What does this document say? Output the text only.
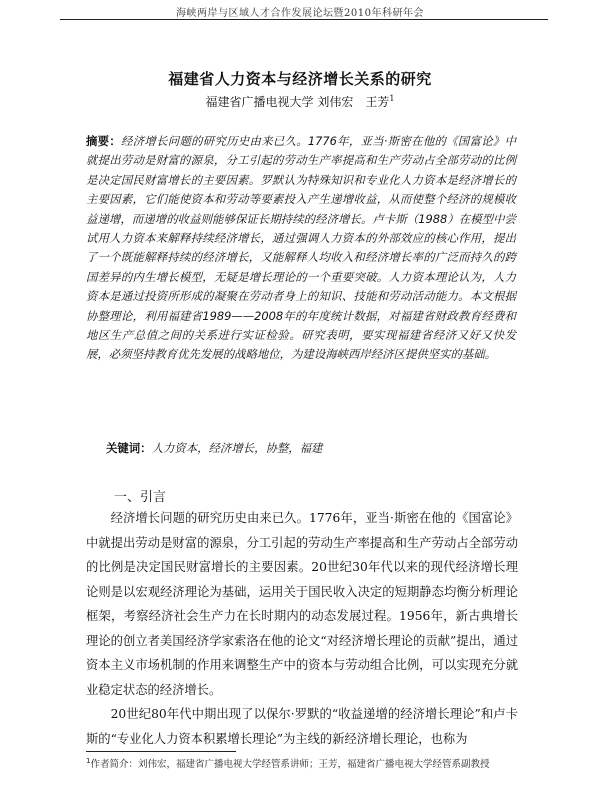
海峡两岸与区域人才合作发展论坛暨2010年科研年会
福建省人力资本与经济增长关系的研究
福建省广播电视大学 刘伟宏　王芳$^1$
摘要：经济增长问题的研究历史由来已久。1776年，亚当·斯密在他的《国富论》中就提出劳动是财富的源泉，分工引起的劳动生产率提高和生产劳动占全部劳动的比例是决定国民财富增长的主要因素。罗默认为特殊知识和专业化人力资本是经济增长的主要因素，它们能使资本和劳动等要素投入产生递增收益，从而使整个经济的规模收益递增，而递增的收益则能够保证长期持续的经济增长。卢卡斯（1988）在模型中尝试用人力资本来解释持续经济增长，通过强调人力资本的外部效应的核心作用，提出了一个既能解释持续的经济增长，又能解释人均收入和经济增长率的广泛而持久的跨国差异的内生增长模型，无疑是增长理论的一个重要突破。人力资本理论认为，人力资本是通过投资所形成的凝聚在劳动者身上的知识、技能和劳动活动能力。本文根据协整理论，利用福建省1989——2008年的年度统计数据，对福建省财政教育经费和地区生产总值之间的关系进行实证检验。研究表明，要实现福建省经济又好又快发展，必须坚持教育优先发展的战略地位，为建设海峡西岸经济区提供坚实的基础。
关键词：人力资本，经济增长，协整，福建
一、引言

经济增长问题的研究历史由来已久。1776年，亚当·斯密在他的《国富论》中就提出劳动是财富的源泉，分工引起的劳动生产率提高和生产劳动占全部劳动的比例是决定国民财富增长的主要因素。20世纪30年代以来的现代经济增长理论则是以宏观经济理论为基础，运用关于国民收入决定的短期静态均衡分析理论框架，考察经济社会生产力在长时期内的动态发展过程。1956年，新古典增长理论的创立者美国经济学家索洛在他的论文“对经济增长理论的贡献”提出，通过资本主义市场机制的作用来调整生产中的资本与劳动组合比例，可以实现充分就业稳定状态的经济增长。

20世纪80年代中期出现了以保尔·罗默的“收益递增的经济增长理论”和卢卡斯的“专业化人力资本积累增长理论”为主线的新经济增长理论，也称为

$^1$作者简介：刘伟宏，福建省广播电视大学经管系讲师；王芳，福建省广播电视大学经管系副教授
